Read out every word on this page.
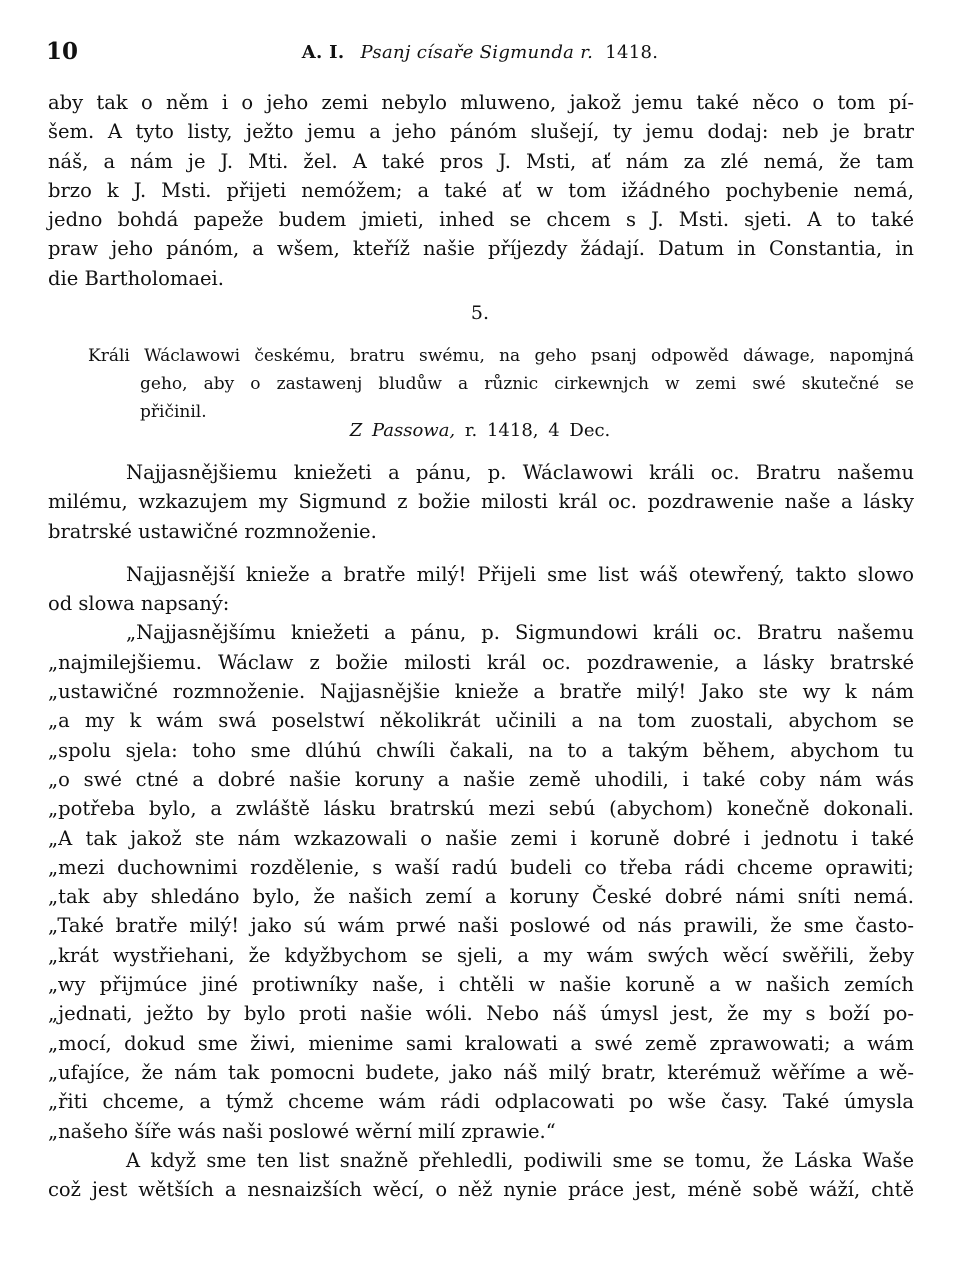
10	A. I. Psanj císaře Sigmunda r. 1418.
aby tak o něm i o jeho zemi nebylo mluweno, jakož jemu také něco o tom pí-
šem. A tyto listy, ježto jemu a jeho pánóm slušejí, ty jemu dodaj: neb je bratr
náš, a nám je J. Mti. žel. A také pros J. Msti, ať nám za zlé nemá, že tam
brzo k J. Msti. přijeti nemóžem; a také ať w tom ižádného pochybenie nemá,
jedno bohdá papeže budem jmieti, inhed se chcem s J. Msti. sjeti. A to také
praw jeho pánóm, a wšem, kteříž našie příjezdy žádají. Datum in Constantia, in
die Bartholomaei.
5.
Králi Wáclawowi českému, bratru swému, na geho psanj odpowěd dáwage, napomjná
geho, aby o zastawenj bludůw a různic cirkewnjch w zemi swé skutečné se
přičinil.
Z Passowa, r. 1418, 4 Dec.
Najjasnějšiemu kniežeti a pánu, p. Wáclawowi králi oc. Bratru našemu
milému, wzkazujem my Sigmund z božie milosti král oc. pozdrawenie naše a lásky
bratrské ustawičné rozmnoženie.
Najjasnější knieže a bratře milý! Přijeli sme list wáš otewřený, takto slowo
od slowa napsaný:
„Najjasnějšímu kniežeti a pánu, p. Sigmundowi králi oc. Bratru našemu
„najmilejšiemu. Wáclaw z božie milosti král oc. pozdrawenie, a lásky bratrské
„ustawičné rozmnoženie. Najjasnějšie knieže a bratře milý! Jako ste wy k nám
„a my k wám swá poselstwí několikrát učinili a na tom zuostali, abychom se
„spolu sjela: toho sme dlúhú chwíli čakali, na to a takým během, abychom tu
„o swé ctné a dobré našie koruny a našie země uhodili, i také coby nám wás
„potřeba bylo, a zwláště lásku bratrskú mezi sebú (abychom) konečně dokonali.
„A tak jakož ste nám wzkazowali o našie zemi i koruně dobré i jednotu i také
„mezi duchownimi rozdělenie, s waší radú budeli co třeba rádi chceme oprawiti;
„tak aby shledáno bylo, že našich zemí a koruny České dobré námi sníti nemá.
„Také bratře milý! jako sú wám prwé naši poslowé od nás prawili, že sme často-
„krát wystřiehani, že kdyžbychom se sjeli, a my wám swých wěcí swěřili, žeby
„wy přijmúce jiné protiwníky naše, i chtěli w našie koruně a w našich zemích
„jednati, ježto by bylo proti našie wóli. Nebo náš úmysl jest, že my s boží po-
„mocí, dokud sme žiwi, mienime sami kralowati a swé země zprawowati; a wám
„ufajíce, že nám tak pomocni budete, jako náš milý bratr, kterémuž wěříme a wě-
„řiti chceme, a týmž chceme wám rádi odplacowati po wše časy. Také úmysla
„našeho šíře wás naši poslowé wěrní milí zprawie.“
A když sme ten list snažně přehledli, podiwili sme se tomu, že Láska Waše
což jest wětších a nesnaizších wěcí, o něž nynie práce jest, méně sobě wáží, chtě
